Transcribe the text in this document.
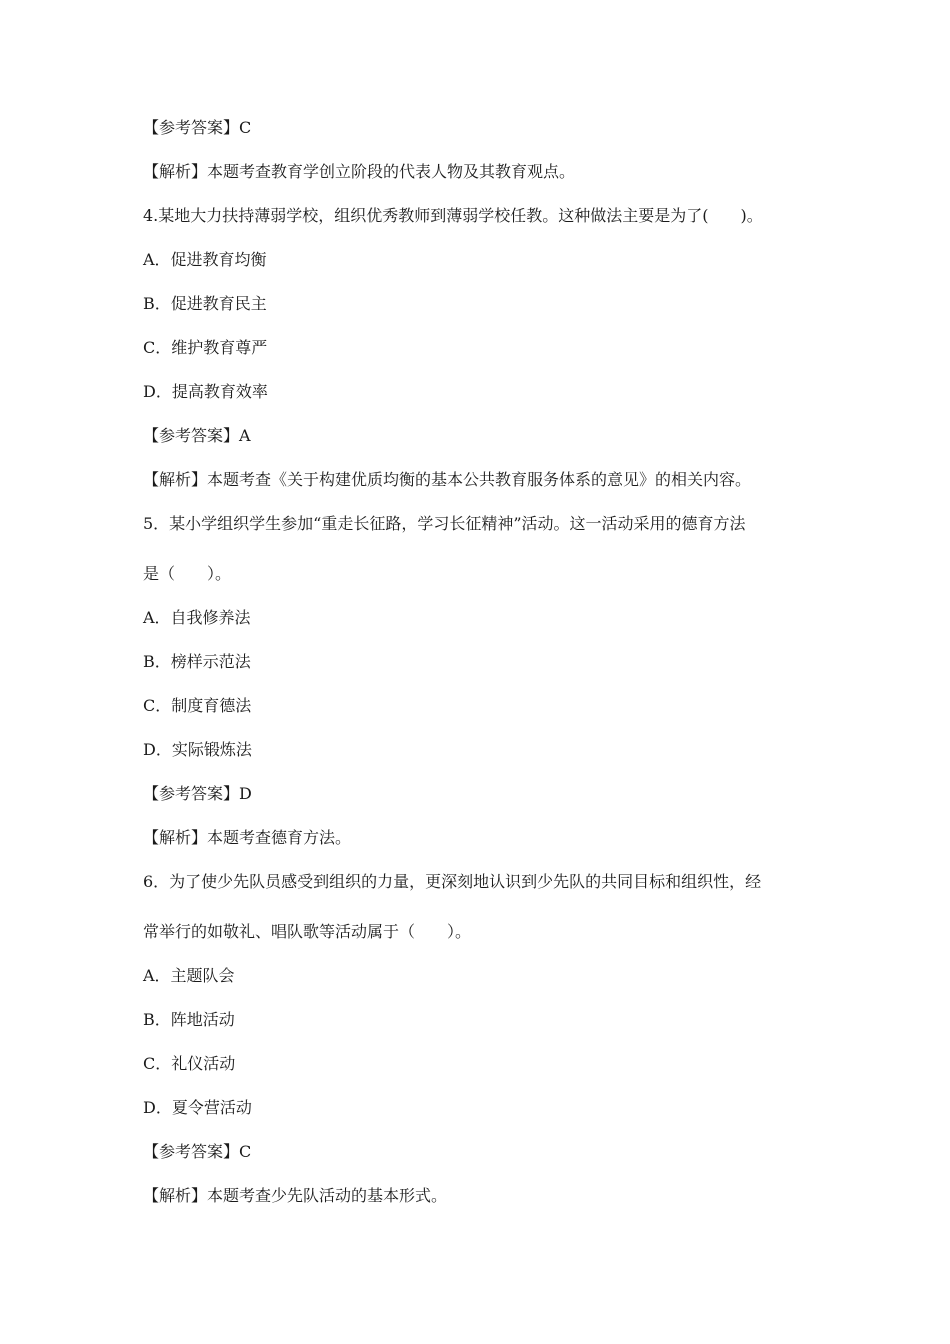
【参考答案】C
【解析】本题考查教育学创立阶段的代表人物及其教育观点。
4.某地大力扶持薄弱学校，组织优秀教师到薄弱学校任教。这种做法主要是为了(　　)。
A．促进教育均衡
B．促进教育民主
C．维护教育尊严
D．提高教育效率
【参考答案】A
【解析】本题考查《关于构建优质均衡的基本公共教育服务体系的意见》的相关内容。
5．某小学组织学生参加“重走长征路，学习长征精神”活动。这一活动采用的德育方法
是（　　）。
A．自我修养法
B．榜样示范法
C．制度育德法
D．实际锻炼法
【参考答案】D
【解析】本题考查德育方法。
6．为了使少先队员感受到组织的力量，更深刻地认识到少先队的共同目标和组织性，经
常举行的如敬礼、唱队歌等活动属于（　　）。
A．主题队会
B．阵地活动
C．礼仪活动
D．夏令营活动
【参考答案】C
【解析】本题考查少先队活动的基本形式。
